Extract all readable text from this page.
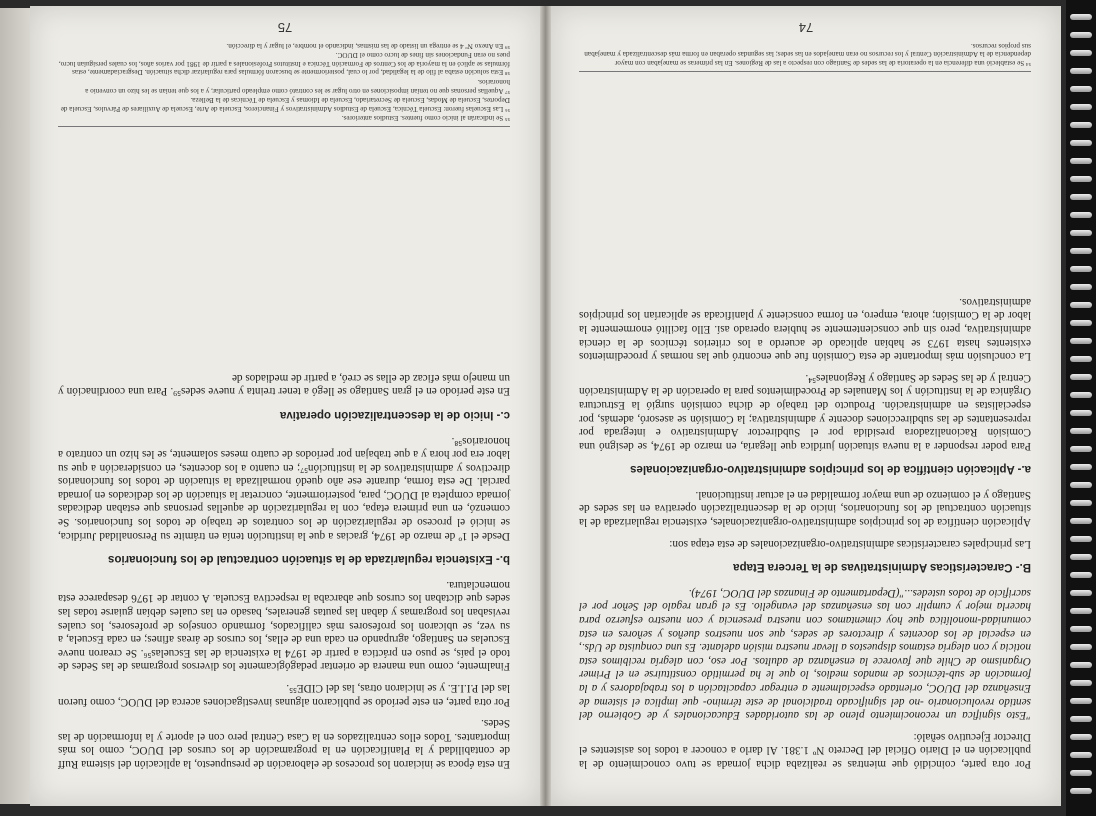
Por otra parte, coincidió que mientras se realizaba dicha jornada se tuvo conocimiento de la publicación en el Diario Oficial del Decreto Nº 1.381. Al darlo a conocer a todos los asistentes el Director Ejecutivo señaló:

"Esto significa un reconocimiento pleno de las autoridades Educacionales y de Gobierno del sentido revolucionario -no del significado tradicional de este término- que implica el sistema de Enseñanza del DUOC, orientado especialmente a entregar capacitación a los trabajadores y a la formación de sub-técnicos de mandos medios, lo que le ha permitido constituirse en el Primer Organismo de Chile que favorece la enseñanza de adultos. Por eso, con alegría recibimos esta noticia y con alegría estamos dispuestos a llevar nuestra misión adelante. Es una conquista de Uds., en especial de los docentes y directores de sedes, que son nuestros dueños y señores en esta comunidad-monolítica que hoy cimentamos con nuestra presencia y con nuestro esfuerzo para hacerla mejor y cumplir con las enseñanzas del evangelio. Es el gran regalo del Señor por el sacrificio de todos ustedes..."(Departamento de Finanzas del DUOC, 1974).

B.- Características Administrativas de la Tercera Etapa

Las principales características administrativo-organizacionales de esta etapa son:

Aplicación científica de los principios administrativo-organizacionales, existencia regularizada de la situación contractual de los funcionarios, inicio de la descentralización operativa en las sedes de Santiago y el comienzo de una mayor formalidad en el actuar institucional.

a.- Aplicación científica de los principios administrativo-organizacionales

Para poder responder a la nueva situación jurídica que llegaría, en marzo de 1974, se designó una Comisión Racionalizadora presidida por el Subdirector Administrativo e integrada por representantes de las subdirecciones docente y administrativa; la Comisión se asesoró, además, por especialistas en administración. Producto del trabajo de dicha comisión surgió la Estructura Orgánica de la institución y los Manuales de Procedimientos para la operación de la Administración Central y de las Sedes de Santiago y Regionales⁵⁴.

La conclusión más importante de esta Comisión fue que encontró que las normas y procedimientos existentes hasta 1973 se habían aplicado de acuerdo a los criterios técnicos de la ciencia administrativa, pero sin que conscientemente se hubiera operado así. Ello facilitó enormemente la labor de la Comisión; ahora, empero, en forma consciente y planificada se aplicarían los principios administrativos.

⁵⁴ Se estableció una diferencia en la operatoria de las sedes de Santiago con respecto a las de Regiones. En las primeras se manejaban con mayor dependencia de la Administración Central y los recursos no eran manejados en las sedes; las segundas operaban en forma más descentralizada y manejaban sus propios recursos.

74

En esta época se iniciaron los procesos de elaboración de presupuesto, la aplicación del sistema Ruff de contabilidad y la Planificación en la programación de los cursos del DUOC, como los más importantes. Todos ellos centralizados en la Casa Central pero con el aporte y la información de las Sedes.

Por otra parte, en este período se publicaron algunas investigaciones acerca del DUOC, como fueron las del P.I.I.E. y se iniciaron otras, las del CIDE⁵⁵.

Finalmente, como una manera de orientar pedagógicamente los diversos programas de las Sedes de todo el país, se puso en práctica a partir de 1974 la existencia de las Escuelas⁵⁶. Se crearon nueve Escuelas en Santiago, agrupando en cada una de ellas, los cursos de áreas afines; en cada Escuela, a su vez, se ubicaron los profesores más calificados, formando consejos de profesores, los cuales revisaban los programas y daban las pautas generales, basado en las cuales debían guiarse todas las sedes que dictaban los cursos que abarcaba la respectiva Escuela. A contar de 1976 desaparece esta nomenclatura.

b.- Existencia regularizada de la situación contractual de los funcionarios

Desde el 1º de marzo de 1974, gracias a que la institución tenía en trámite su Personalidad Jurídica, se inició el proceso de regularización de los contratos de trabajo de todos los funcionarios. Se comenzó, en una primera etapa, con la regularización de aquellas personas que estaban dedicadas jornada completa al DUOC, para, posteriormente, concretar la situación de los dedicados en jornada parcial. De esta forma, durante ese año quedó normalizada la situación de todos los funcionarios directivos y administrativos de la institución⁵⁷; en cuanto a los docentes, en consideración a que su labor era por hora y a que trabajan por períodos de cuatro meses solamente, se les hizo un contrato a honorarios⁵⁸.

c.- Inicio de la descentralización operativa

En este período en el gran Santiago se llegó a tener treinta y nueve sedes⁵⁹. Para una coordinación y un manejo más eficaz de ellas se creó, a partir de mediados de

⁵⁵ Se indicarán al inicio como fuentes. Estudios anteriores.

⁵⁶ Las Escuelas fueron: Escuela Técnica, Escuela de Estudios Administrativos y Financieros, Escuela de Arte, Escuela de Auxiliares de Párvulos, Escuela de Deportes, Escuela de Modas, Escuela de Secretariado, Escuela de Idiomas y Escuela de Técnicas de la Belleza.

⁵⁷ Aquellas personas que no tenían imposiciones en otro lugar se les contrató como empleado particular, y a los que tenían se les hizo un convenio a honorarios.

⁵⁸ Esta solución estaba al filo de la legalidad, por lo cual, posteriormente se buscaron fórmulas para regularizar dicha situación. Desgraciadamente, estas fórmulas se aplicó en la mayoría de los Centros de Formación Técnica e Institutos Profesionales a partir de 1981 por varios años, los cuales persiguían lucro, pues no eran Fundaciones sin fines de lucro como el DUOC.

⁵⁹ En Anexo Nº 4 se entrega un listado de las mismas, indicando el nombre, el lugar y la dirección.

75
